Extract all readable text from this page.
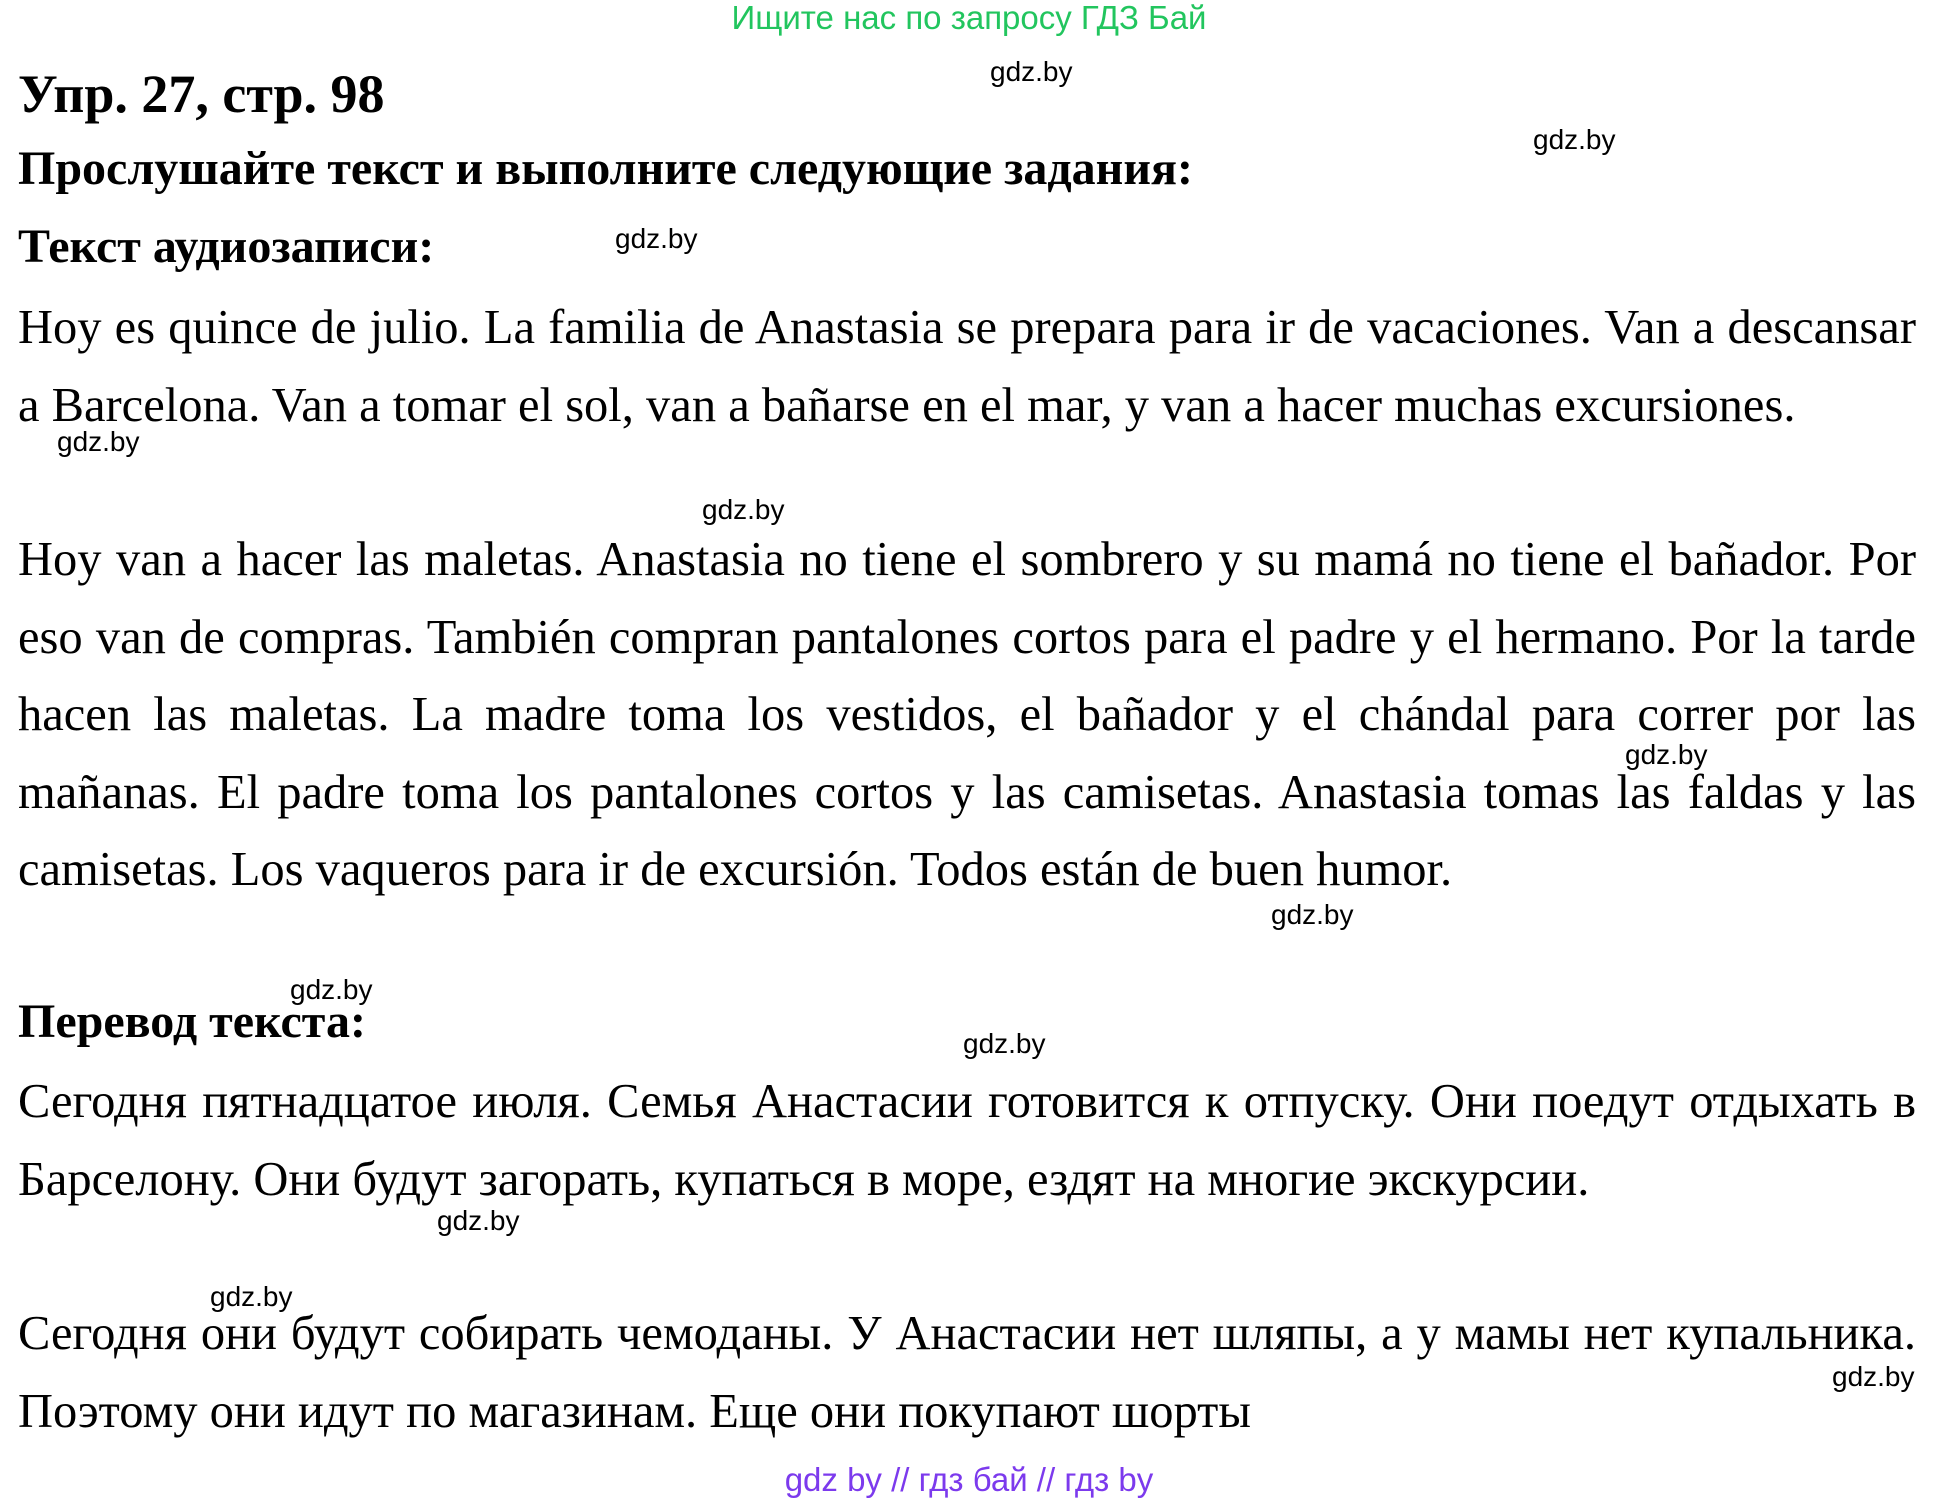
Ищите нас по запросу ГДЗ Бай
Упр. 27, стр. 98
Прослушайте текст и выполните следующие задания:
Текст аудиозаписи:

Hoy es quince de julio. La familia de Anastasia se prepara para ir de vacaciones. Van a descansar a Barcelona. Van a tomar el sol, van a bañarse en el mar, y van a hacer muchas excursiones.

Hoy van a hacer las maletas. Anastasia no tiene el sombrero y su mamá no tiene el bañador. Por eso van de compras. También compran pantalones cortos para el padre y el hermano. Por la tarde hacen las maletas. La madre toma los vestidos, el bañador y el chándal para correr por las mañanas. El padre toma los pantalones cortos y las camisetas. Anastasia tomas las faldas y las camisetas. Los vaqueros para ir de excursión. Todos están de buen humor.

Перевод текста:

Сегодня пятнадцатое июля. Семья Анастасии готовится к отпуску. Они поедут отдыхать в Барселону. Они будут загорать, купаться в море, ездят на многие экскурсии.

Сегодня они будут собирать чемоданы. У Анастасии нет шляпы, а у мамы нет купальника. Поэтому они идут по магазинам. Еще они покупают шорты

gdz.by
gdz.by
gdz.by
gdz.by
gdz.by
gdz.by
gdz.by
gdz.by
gdz.by
gdz.by
gdz.by
gdz.by
gdz by // гдз бай // гдз by
